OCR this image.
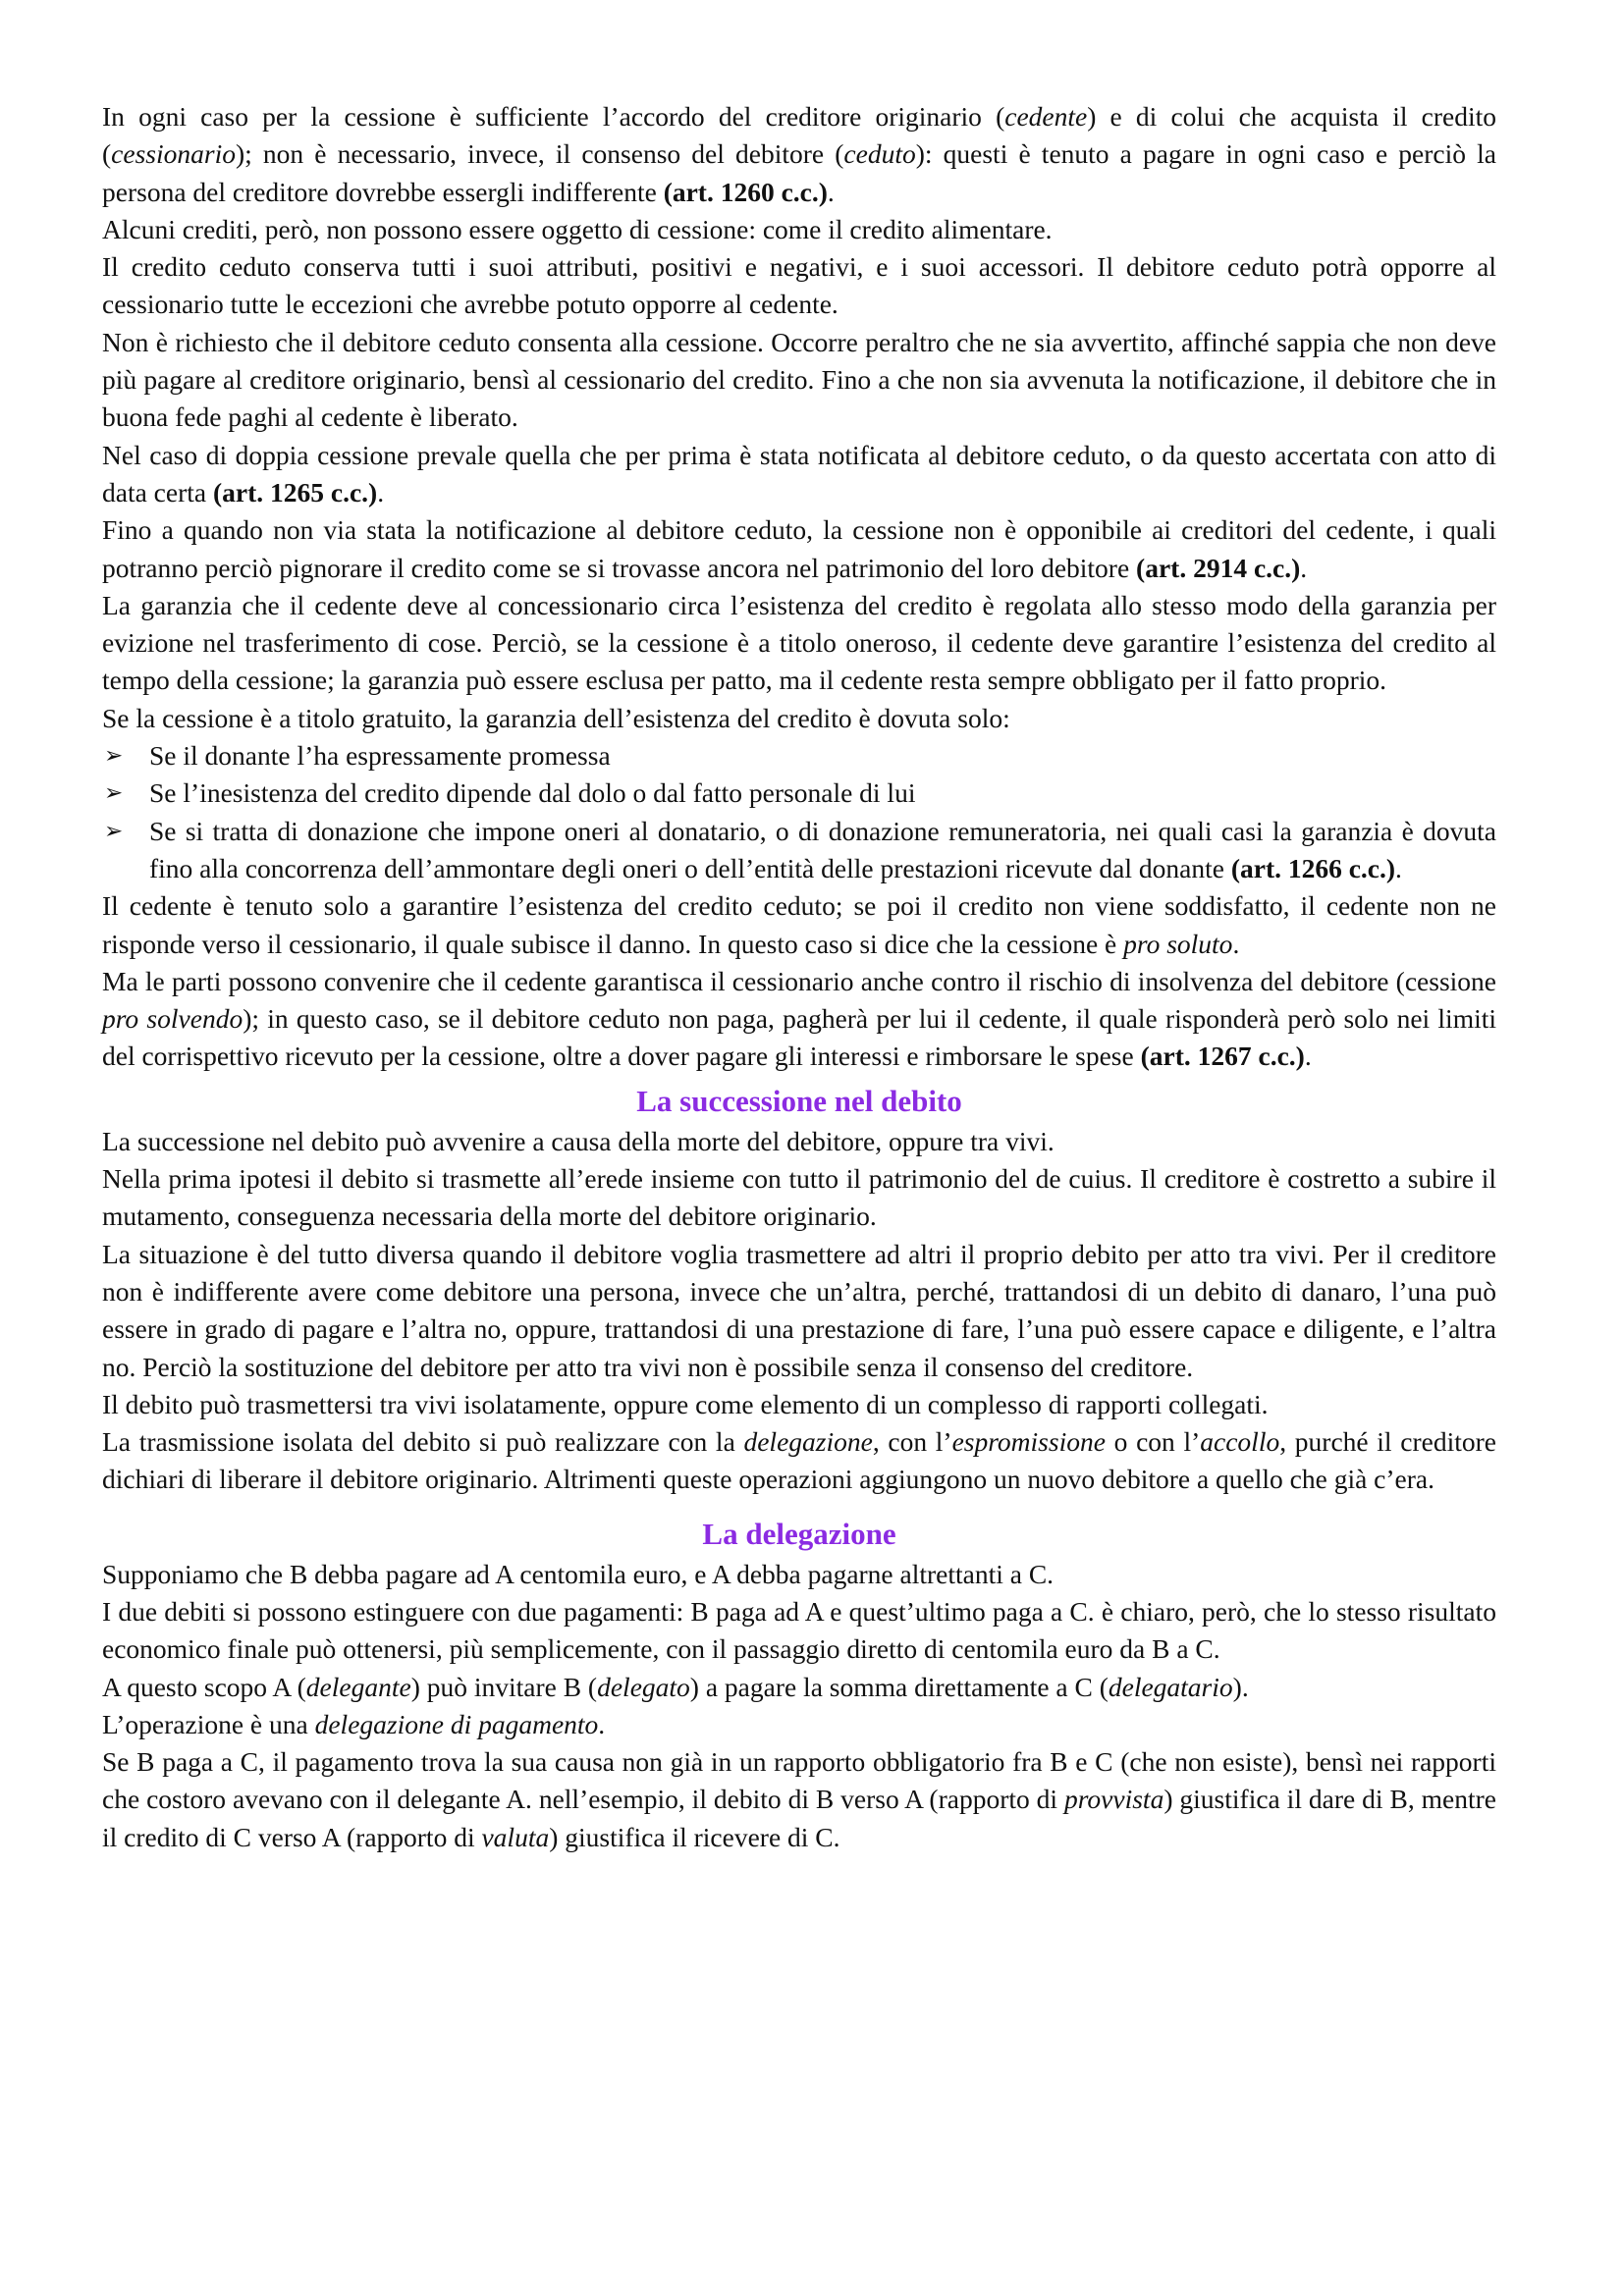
In ogni caso per la cessione è sufficiente l’accordo del creditore originario (cedente) e di colui che acquista il credito (cessionario); non è necessario, invece, il consenso del debitore (ceduto): questi è tenuto a pagare in ogni caso e perciò la persona del creditore dovrebbe essergli indifferente (art. 1260 c.c.).

Alcuni crediti, però, non possono essere oggetto di cessione: come il credito alimentare.

Il credito ceduto conserva tutti i suoi attributi, positivi e negativi, e i suoi accessori. Il debitore ceduto potrà opporre al cessionario tutte le eccezioni che avrebbe potuto opporre al cedente.

Non è richiesto che il debitore ceduto consenta alla cessione. Occorre peraltro che ne sia avvertito, affinché sappia che non deve più pagare al creditore originario, bensì al cessionario del credito. Fino a che non sia avvenuta la notificazione, il debitore che in buona fede paghi al cedente è liberato.

Nel caso di doppia cessione prevale quella che per prima è stata notificata al debitore ceduto, o da questo accertata con atto di data certa (art. 1265 c.c.).

Fino a quando non via stata la notificazione al debitore ceduto, la cessione non è opponibile ai creditori del cedente, i quali potranno perciò pignorare il credito come se si trovasse ancora nel patrimonio del loro debitore (art. 2914 c.c.).

La garanzia che il cedente deve al concessionario circa l’esistenza del credito è regolata allo stesso modo della garanzia per evizione nel trasferimento di cose. Perciò, se la cessione è a titolo oneroso, il cedente deve garantire l’esistenza del credito al tempo della cessione; la garanzia può essere esclusa per patto, ma il cedente resta sempre obbligato per il fatto proprio.

Se la cessione è a titolo gratuito, la garanzia dell’esistenza del credito è dovuta solo:

➢ Se il donante l’ha espressamente promessa
➢ Se l’inesistenza del credito dipende dal dolo o dal fatto personale di lui
➢ Se si tratta di donazione che impone oneri al donatario, o di donazione remuneratoria, nei quali casi la garanzia è dovuta fino alla concorrenza dell’ammontare degli oneri o dell’entità delle prestazioni ricevute dal donante (art. 1266 c.c.).

Il cedente è tenuto solo a garantire l’esistenza del credito ceduto; se poi il credito non viene soddisfatto, il cedente non ne risponde verso il cessionario, il quale subisce il danno. In questo caso si dice che la cessione è pro soluto.

Ma le parti possono convenire che il cedente garantisca il cessionario anche contro il rischio di insolvenza del debitore (cessione pro solvendo); in questo caso, se il debitore ceduto non paga, pagherà per lui il cedente, il quale risponderà però solo nei limiti del corrispettivo ricevuto per la cessione, oltre a dover pagare gli interessi e rimborsare le spese (art. 1267 c.c.).

La successione nel debito

La successione nel debito può avvenire a causa della morte del debitore, oppure tra vivi.

Nella prima ipotesi il debito si trasmette all’erede insieme con tutto il patrimonio del de cuius. Il creditore è costretto a subire il mutamento, conseguenza necessaria della morte del debitore originario.

La situazione è del tutto diversa quando il debitore voglia trasmettere ad altri il proprio debito per atto tra vivi. Per il creditore non è indifferente avere come debitore una persona, invece che un’altra, perché, trattandosi di un debito di danaro, l’una può essere in grado di pagare e l’altra no, oppure, trattandosi di una prestazione di fare, l’una può essere capace e diligente, e l’altra no. Perciò la sostituzione del debitore per atto tra vivi non è possibile senza il consenso del creditore.

Il debito può trasmettersi tra vivi isolatamente, oppure come elemento di un complesso di rapporti collegati.

La trasmissione isolata del debito si può realizzare con la delegazione, con l’espromissione o con l’accollo, purché il creditore dichiari di liberare il debitore originario. Altrimenti queste operazioni aggiungono un nuovo debitore a quello che già c’era.

La delegazione

Supponiamo che B debba pagare ad A centomila euro, e A debba pagarne altrettanti a C.

I due debiti si possono estinguere con due pagamenti: B paga ad A e quest’ultimo paga a C. è chiaro, però, che lo stesso risultato economico finale può ottenersi, più semplicemente, con il passaggio diretto di centomila euro da B a C.

A questo scopo A (delegante) può invitare B (delegato) a pagare la somma direttamente a C (delegatario).

L’operazione è una delegazione di pagamento.

Se B paga a C, il pagamento trova la sua causa non già in un rapporto obbligatorio fra B e C (che non esiste), bensì nei rapporti che costoro avevano con il delegante A. nell’esempio, il debito di B verso A (rapporto di provvista) giustifica il dare di B, mentre il credito di C verso A (rapporto di valuta) giustifica il ricevere di C.
